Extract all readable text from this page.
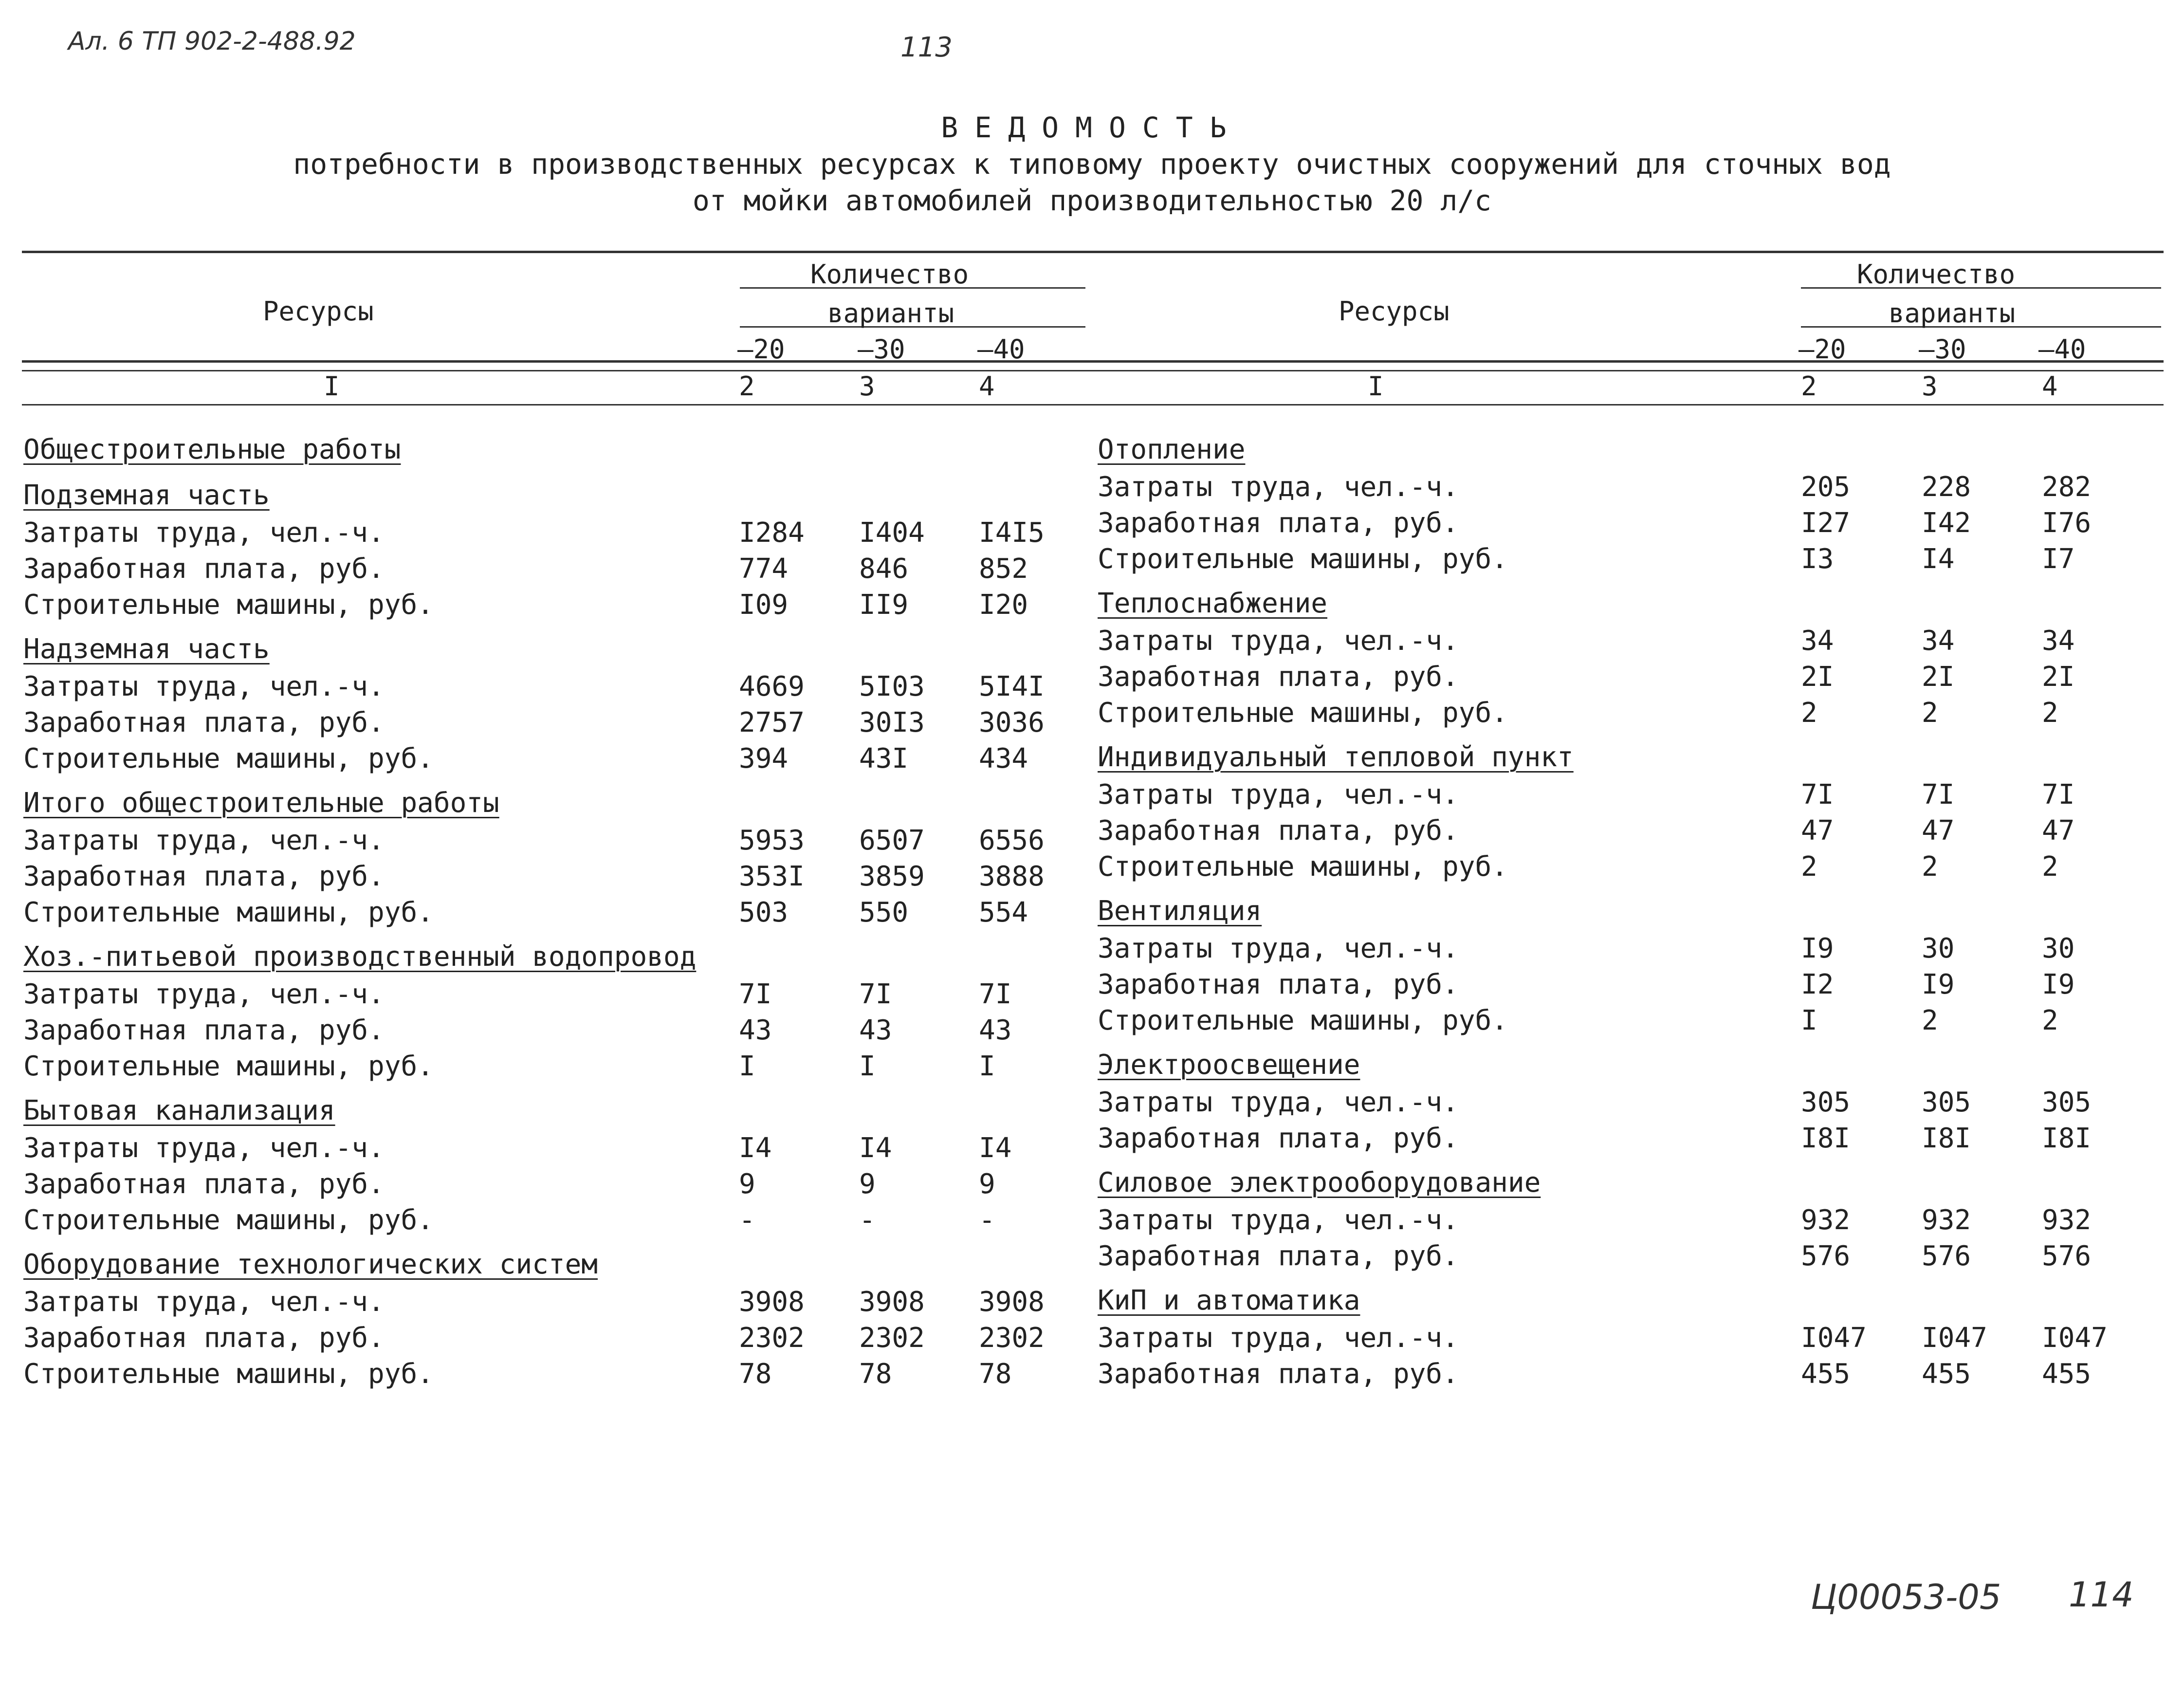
Ал. 6 ТП 902-2-488.92	113
Ц00053-05 114
ВЕДОМОСТЬ
потребности в производственных ресурсах к типовому проекту очистных сооружений для сточных вод
от мойки автомобилей производительностью 20 л/с
Ресурсы
Количество
варианты
–20	–30	–40
I	2	3	4
Ресурсы
Количество
варианты
–20	–30	–40
I	2	3	4
Общестроительные работы
Подземная часть
Затраты труда, чел.-ч.	I284 I404 I4I5
Заработная плата, руб.	774	846	852
Строительные машины, руб.	I09	II9	I20
Надземная часть
Затраты труда, чел.-ч.	4669 5I03 5I4I
Заработная плата, руб.	2757 30I3 3036
Строительные машины, руб.	394	43I	434
Итого общестроительные работы
Затраты труда, чел.-ч.	5953 6507 6556
Заработная плата, руб.	353I 3859 3888
Строительные машины, руб.	503	550	554
Хоз.-питьевой производственный водопровод
Затраты труда, чел.-ч.	7I	7I	7I
Заработная плата, руб.	43	43	43
Строительные машины, руб.	I	I	I
Бытовая канализация
Затраты труда, чел.-ч.	I4	I4	I4
Заработная плата, руб.	9	9	9
Строительные машины, руб.	-	-	-
Оборудование технологических систем
Затраты труда, чел.-ч.	3908 3908 3908
Заработная плата, руб.	2302 2302 2302
Строительные машины, руб.	78	78	78
Отопление
Затраты труда, чел.-ч.	205	228	282
Заработная плата, руб.	I27	I42	I76
Строительные машины, руб.	I3	I4	I7
Теплоснабжение
Затраты труда, чел.-ч.	34	34	34
Заработная плата, руб.	2I	2I	2I
Строительные машины, руб.	2	2	2
Индивидуальный тепловой пункт
Затраты труда, чел.-ч.	7I	7I	7I
Заработная плата, руб.	47	47	47
Строительные машины, руб.	2	2	2
Вентиляция
Затраты труда, чел.-ч.	I9	30	30
Заработная плата, руб.	I2	I9	I9
Строительные машины, руб.	I	2	2
Электроосвещение
Затраты труда, чел.-ч.	305	305	305
Заработная плата, руб.	I8I	I8I	I8I
Силовое электрооборудование
Затраты труда, чел.-ч.	932	932	932
Заработная плата, руб.	576	576	576
КиП и автоматика
Затраты труда, чел.-ч.	I047 I047 I047
Заработная плата, руб.	455	455	455
